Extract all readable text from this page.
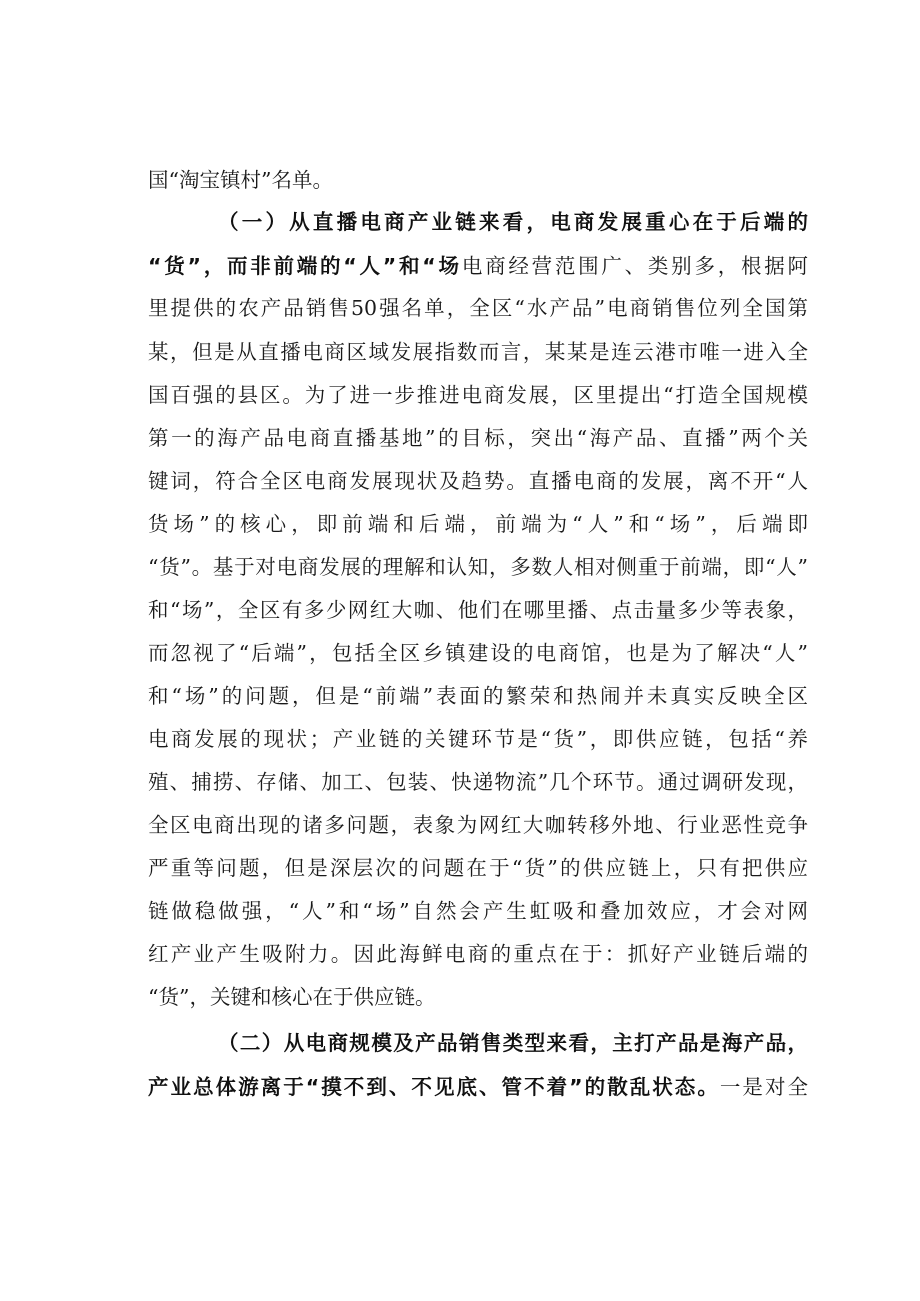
国“淘宝镇村”名单。

（一）从直播电商产业链来看，电商发展重心在于后端的

“货”，而非前端的“人”和“场电商经营范围广、类别多，根据阿

里提供的农产品销售50强名单，全区“水产品”电商销售位列全国第

某，但是从直播电商区域发展指数而言，某某是连云港市唯一进入全

国百强的县区。为了进一步推进电商发展，区里提出“打造全国规模

第一的海产品电商直播基地”的目标，突出“海产品、直播”两个关

键词，符合全区电商发展现状及趋势。直播电商的发展，离不开“人

货场”的核心，即前端和后端，前端为“人”和“场”，后端即

“货”。基于对电商发展的理解和认知，多数人相对侧重于前端，即“人”

和“场”，全区有多少网红大咖、他们在哪里播、点击量多少等表象，

而忽视了“后端”，包括全区乡镇建设的电商馆，也是为了解决“人”

和“场”的问题，但是“前端”表面的繁荣和热闹并未真实反映全区

电商发展的现状；产业链的关键环节是“货”，即供应链，包括“养

殖、捕捞、存储、加工、包装、快递物流”几个环节。通过调研发现，

全区电商出现的诸多问题，表象为网红大咖转移外地、行业恶性竞争

严重等问题，但是深层次的问题在于“货”的供应链上，只有把供应

链做稳做强，“人”和“场”自然会产生虹吸和叠加效应，才会对网

红产业产生吸附力。因此海鲜电商的重点在于：抓好产业链后端的

“货”，关键和核心在于供应链。

（二）从电商规模及产品销售类型来看，主打产品是海产品，

产业总体游离于“摸不到、不见底、管不着”的散乱状态。一是对全
